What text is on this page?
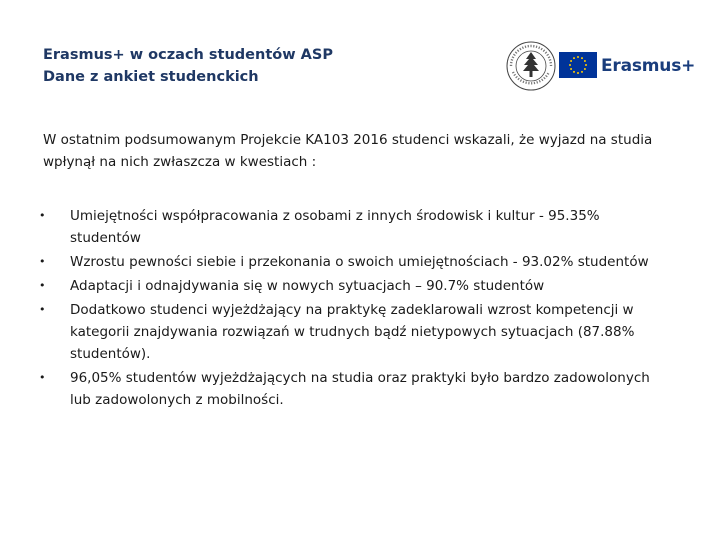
Erasmus+ w oczach studentów ASP
Dane z ankiet studenckich
Erasmus+
W ostatnim podsumowanym Projekcie KA103 2016 studenci wskazali, że wyjazd na studia wpłynął na nich zwłaszcza w kwestiach :
• Umiejętności współpracowania z osobami z innych środowisk i kultur - 95.35% studentów
• Wzrostu pewności siebie i przekonania o swoich umiejętnościach - 93.02% studentów
• Adaptacji i odnajdywania się w nowych sytuacjach – 90.7% studentów
• Dodatkowo studenci wyjeżdżający na praktykę zadeklarowali wzrost kompetencji w kategorii znajdywania rozwiązań w trudnych bądź nietypowych sytuacjach (87.88% studentów).
• 96,05% studentów wyjeżdżających na studia oraz praktyki było bardzo zadowolonych lub zadowolonych z mobilności.
